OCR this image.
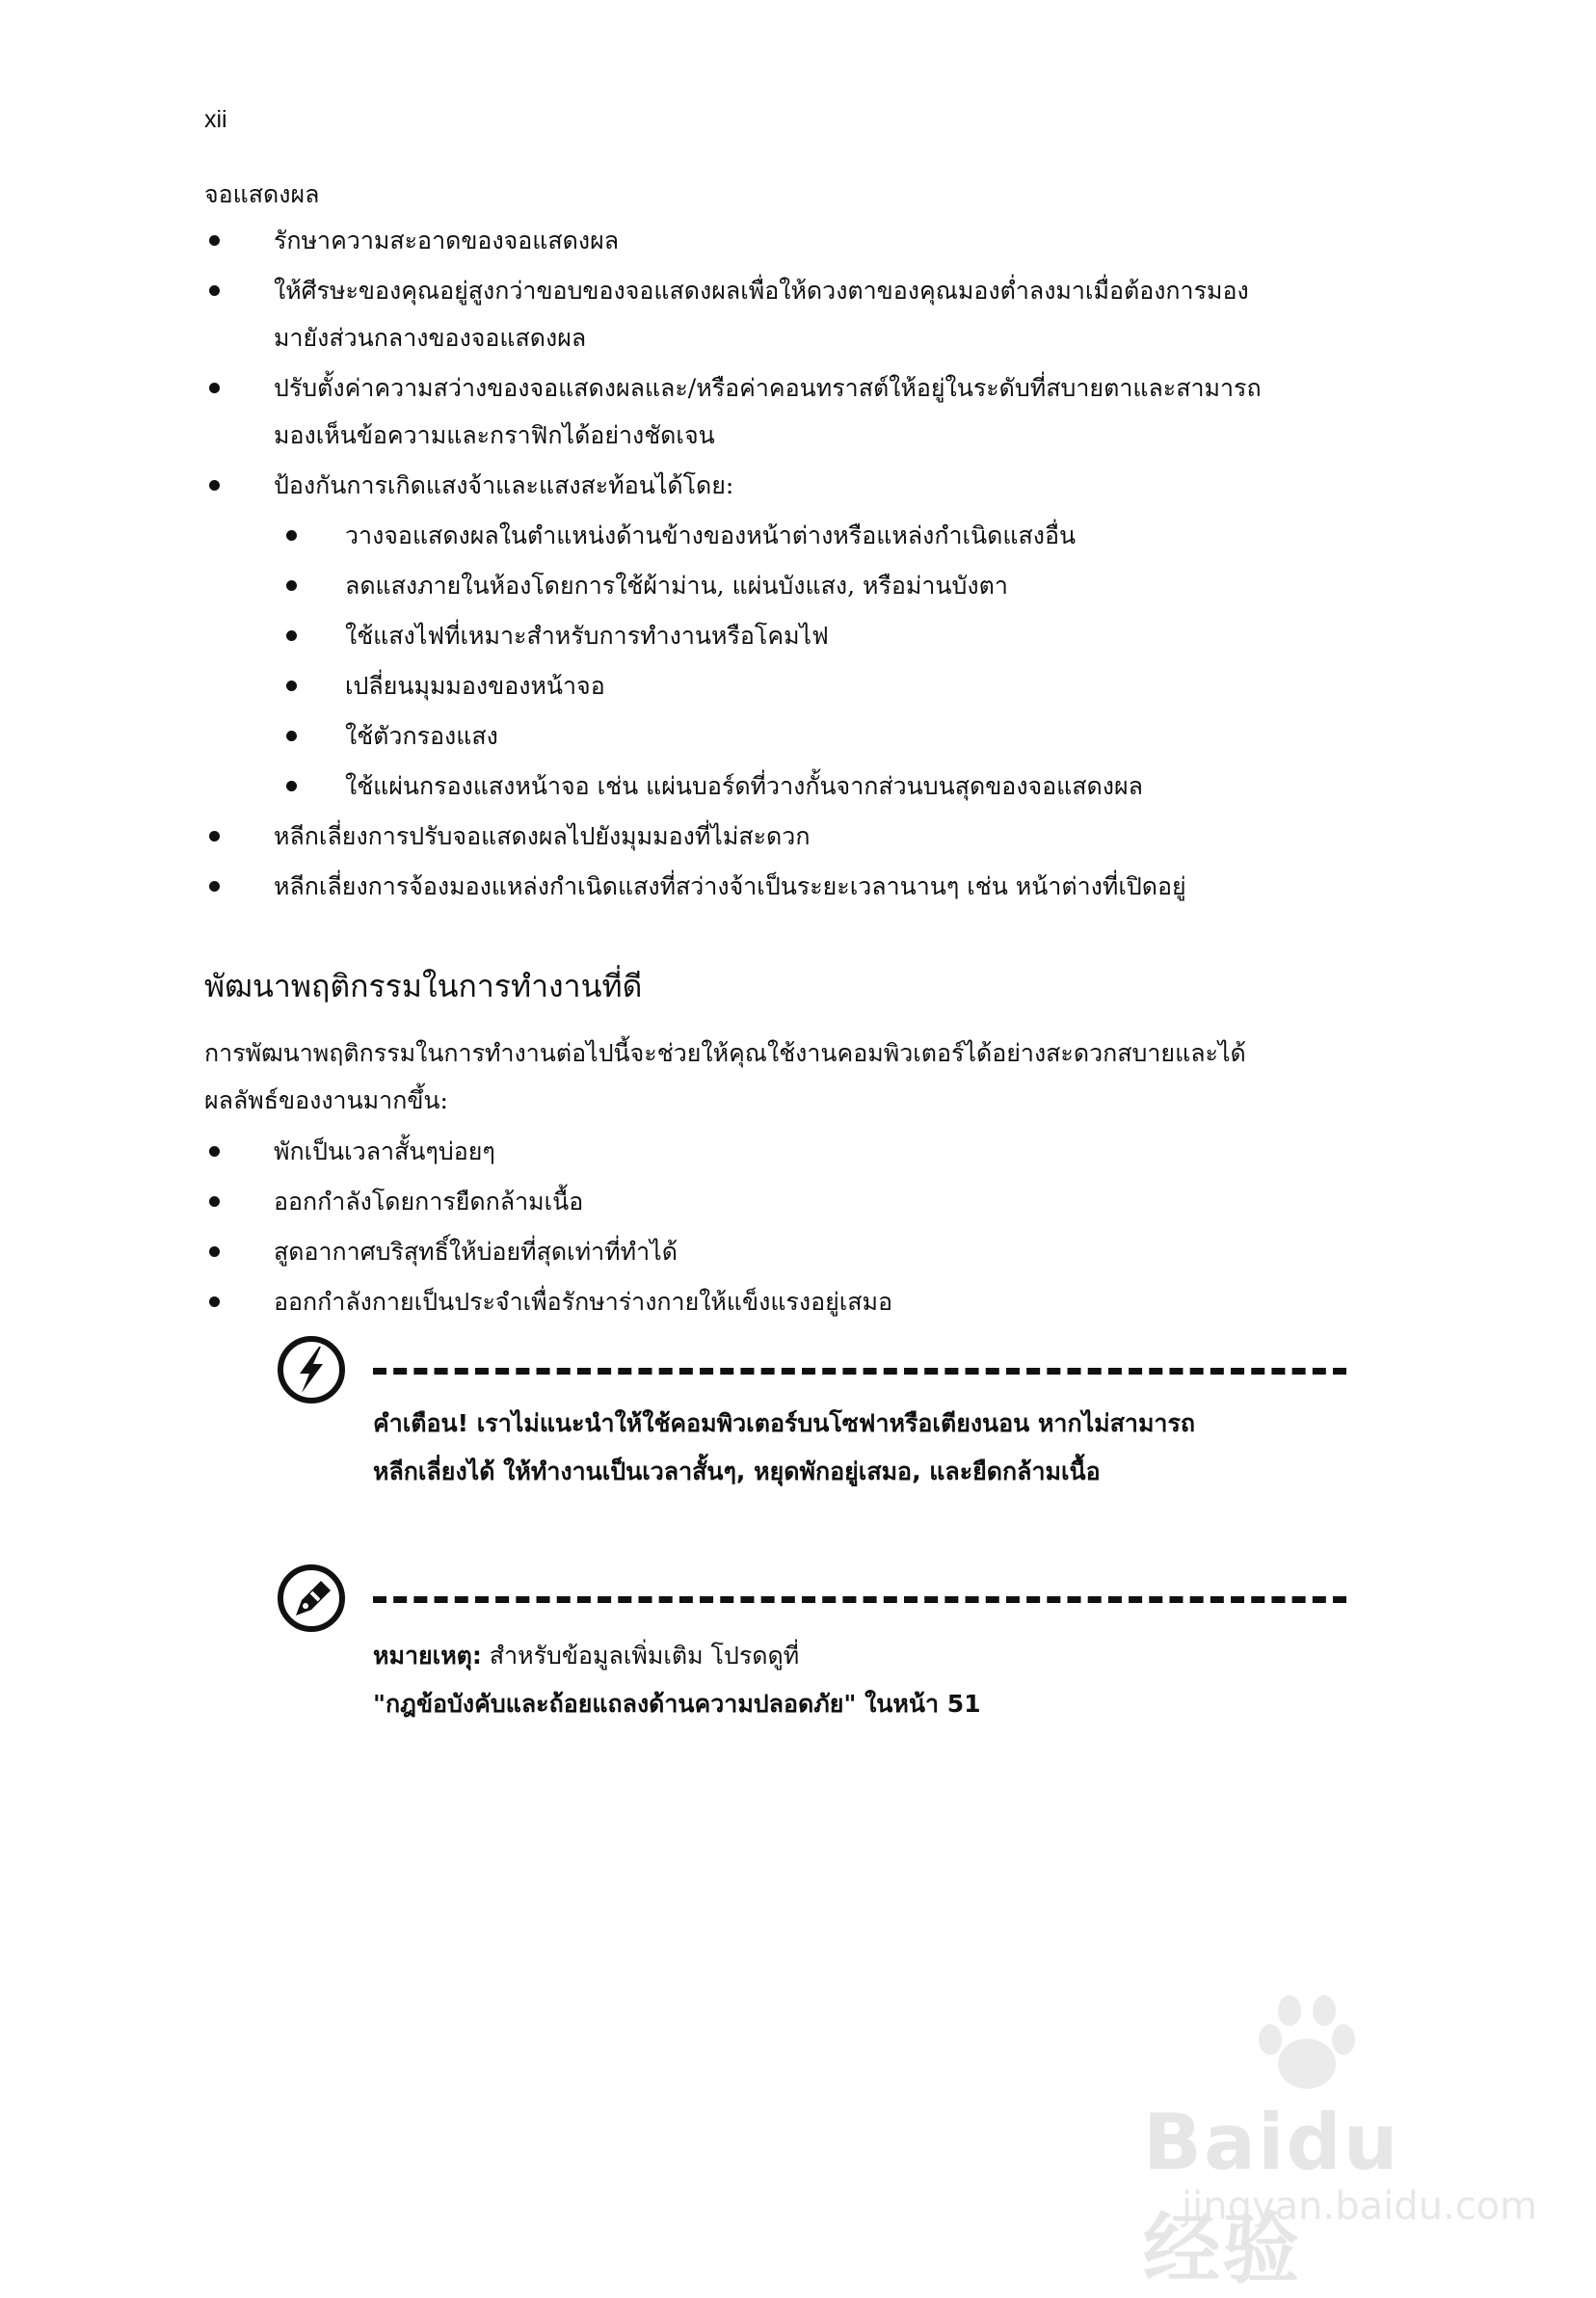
xii
จอแสดงผล
รักษาความสะอาดของจอแสดงผล
ให้ศีรษะของคุณอยู่สูงกว่าขอบของจอแสดงผลเพื่อให้ดวงตาของคุณมองต่ำลงมาเมื่อต้องการมอง
มายังส่วนกลางของจอแสดงผล
ปรับตั้งค่าความสว่างของจอแสดงผลและ/หรือค่าคอนทราสต์ให้อยู่ในระดับที่สบายตาและสามารถ
มองเห็นข้อความและกราฟิกได้อย่างชัดเจน
ป้องกันการเกิดแสงจ้าและแสงสะท้อนได้โดย:
วางจอแสดงผลในตำแหน่งด้านข้างของหน้าต่างหรือแหล่งกำเนิดแสงอื่น
ลดแสงภายในห้องโดยการใช้ผ้าม่าน, แผ่นบังแสง, หรือม่านบังตา
ใช้แสงไฟที่เหมาะสำหรับการทำงานหรือโคมไฟ
เปลี่ยนมุมมองของหน้าจอ
ใช้ตัวกรองแสง
ใช้แผ่นกรองแสงหน้าจอ เช่น แผ่นบอร์ดที่วางกั้นจากส่วนบนสุดของจอแสดงผล
หลีกเลี่ยงการปรับจอแสดงผลไปยังมุมมองที่ไม่สะดวก
หลีกเลี่ยงการจ้องมองแหล่งกำเนิดแสงที่สว่างจ้าเป็นระยะเวลานานๆ เช่น หน้าต่างที่เปิดอยู่
พัฒนาพฤติกรรมในการทำงานที่ดี
การพัฒนาพฤติกรรมในการทำงานต่อไปนี้จะช่วยให้คุณใช้งานคอมพิวเตอร์ได้อย่างสะดวกสบายและได้
ผลลัพธ์ของงานมากขึ้น:
พักเป็นเวลาสั้นๆบ่อยๆ
ออกกำลังโดยการยืดกล้ามเนื้อ
สูดอากาศบริสุทธิ์ให้บ่อยที่สุดเท่าที่ทำได้
ออกกำลังกายเป็นประจำเพื่อรักษาร่างกายให้แข็งแรงอยู่เสมอ
คำเตือน! เราไม่แนะนำให้ใช้คอมพิวเตอร์บนโซฟาหรือเตียงนอน หากไม่สามารถ
หลีกเลี่ยงได้ ให้ทำงานเป็นเวลาสั้นๆ, หยุดพักอยู่เสมอ, และยืดกล้ามเนื้อ
หมายเหตุ: สำหรับข้อมูลเพิ่มเติม โปรดดูที่
"กฎข้อบังคับและถ้อยแถลงด้านความปลอดภัย" ในหน้า 51
Baidu 经验
jingyan.baidu.com
